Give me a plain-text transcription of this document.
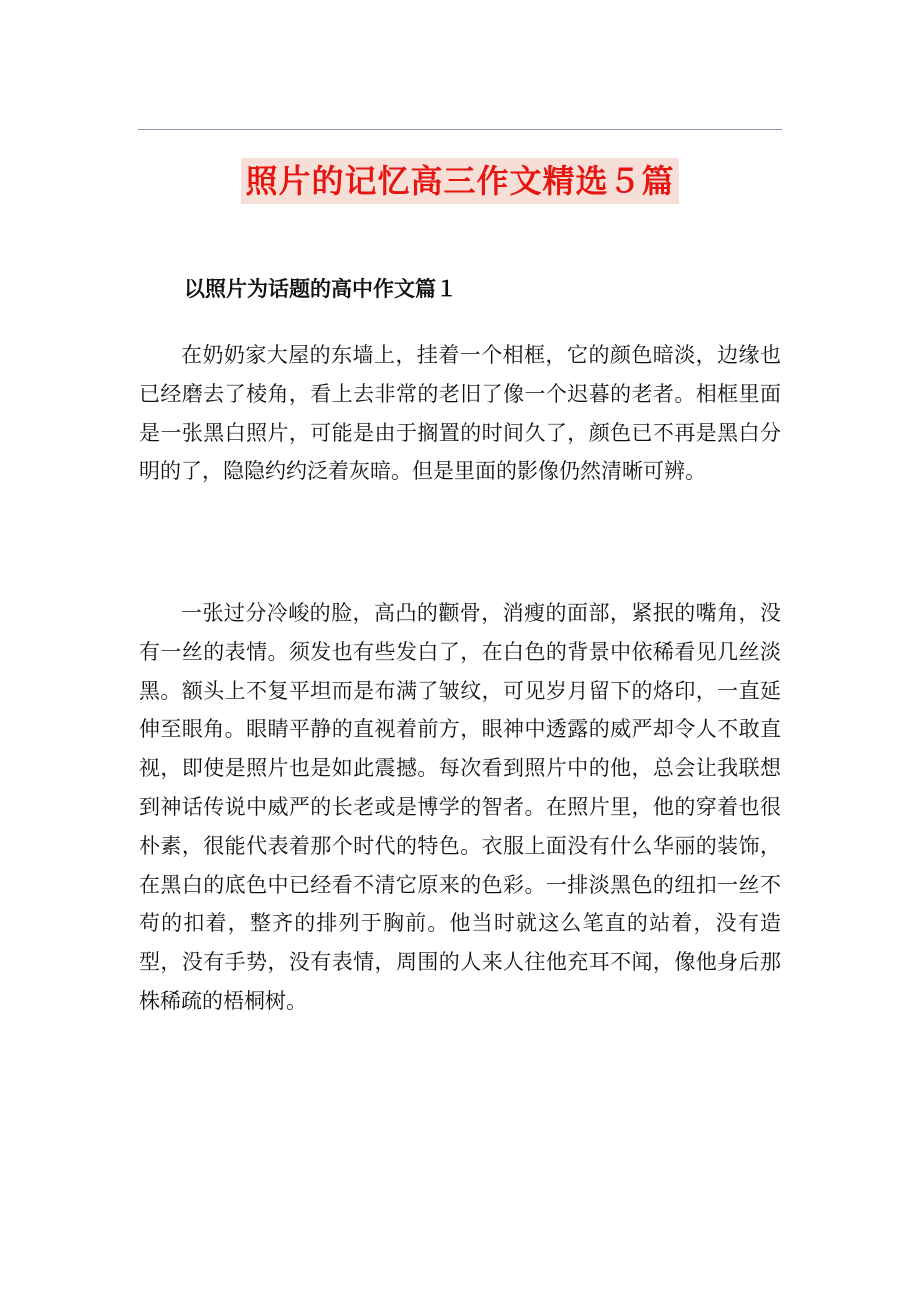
照片的记忆高三作文精选５篇
以照片为话题的高中作文篇１

在奶奶家大屋的东墙上，挂着一个相框，它的颜色暗淡，边缘也已经磨去了棱角，看上去非常的老旧了像一个迟暮的老者。相框里面是一张黑白照片，可能是由于搁置的时间久了，颜色已不再是黑白分明的了，隐隐约约泛着灰暗。但是里面的影像仍然清晰可辨。

一张过分冷峻的脸，高凸的颧骨，消瘦的面部，紧抿的嘴角，没有一丝的表情。须发也有些发白了，在白色的背景中依稀看见几丝淡黑。额头上不复平坦而是布满了皱纹，可见岁月留下的烙印，一直延伸至眼角。眼睛平静的直视着前方，眼神中透露的威严却令人不敢直视，即使是照片也是如此震撼。每次看到照片中的他，总会让我联想到神话传说中威严的长老或是博学的智者。在照片里，他的穿着也很朴素，很能代表着那个时代的特色。衣服上面没有什么华丽的装饰，在黑白的底色中已经看不清它原来的色彩。一排淡黑色的纽扣一丝不苟的扣着，整齐的排列于胸前。他当时就这么笔直的站着，没有造型，没有手势，没有表情，周围的人来人往他充耳不闻，像他身后那株稀疏的梧桐树。
